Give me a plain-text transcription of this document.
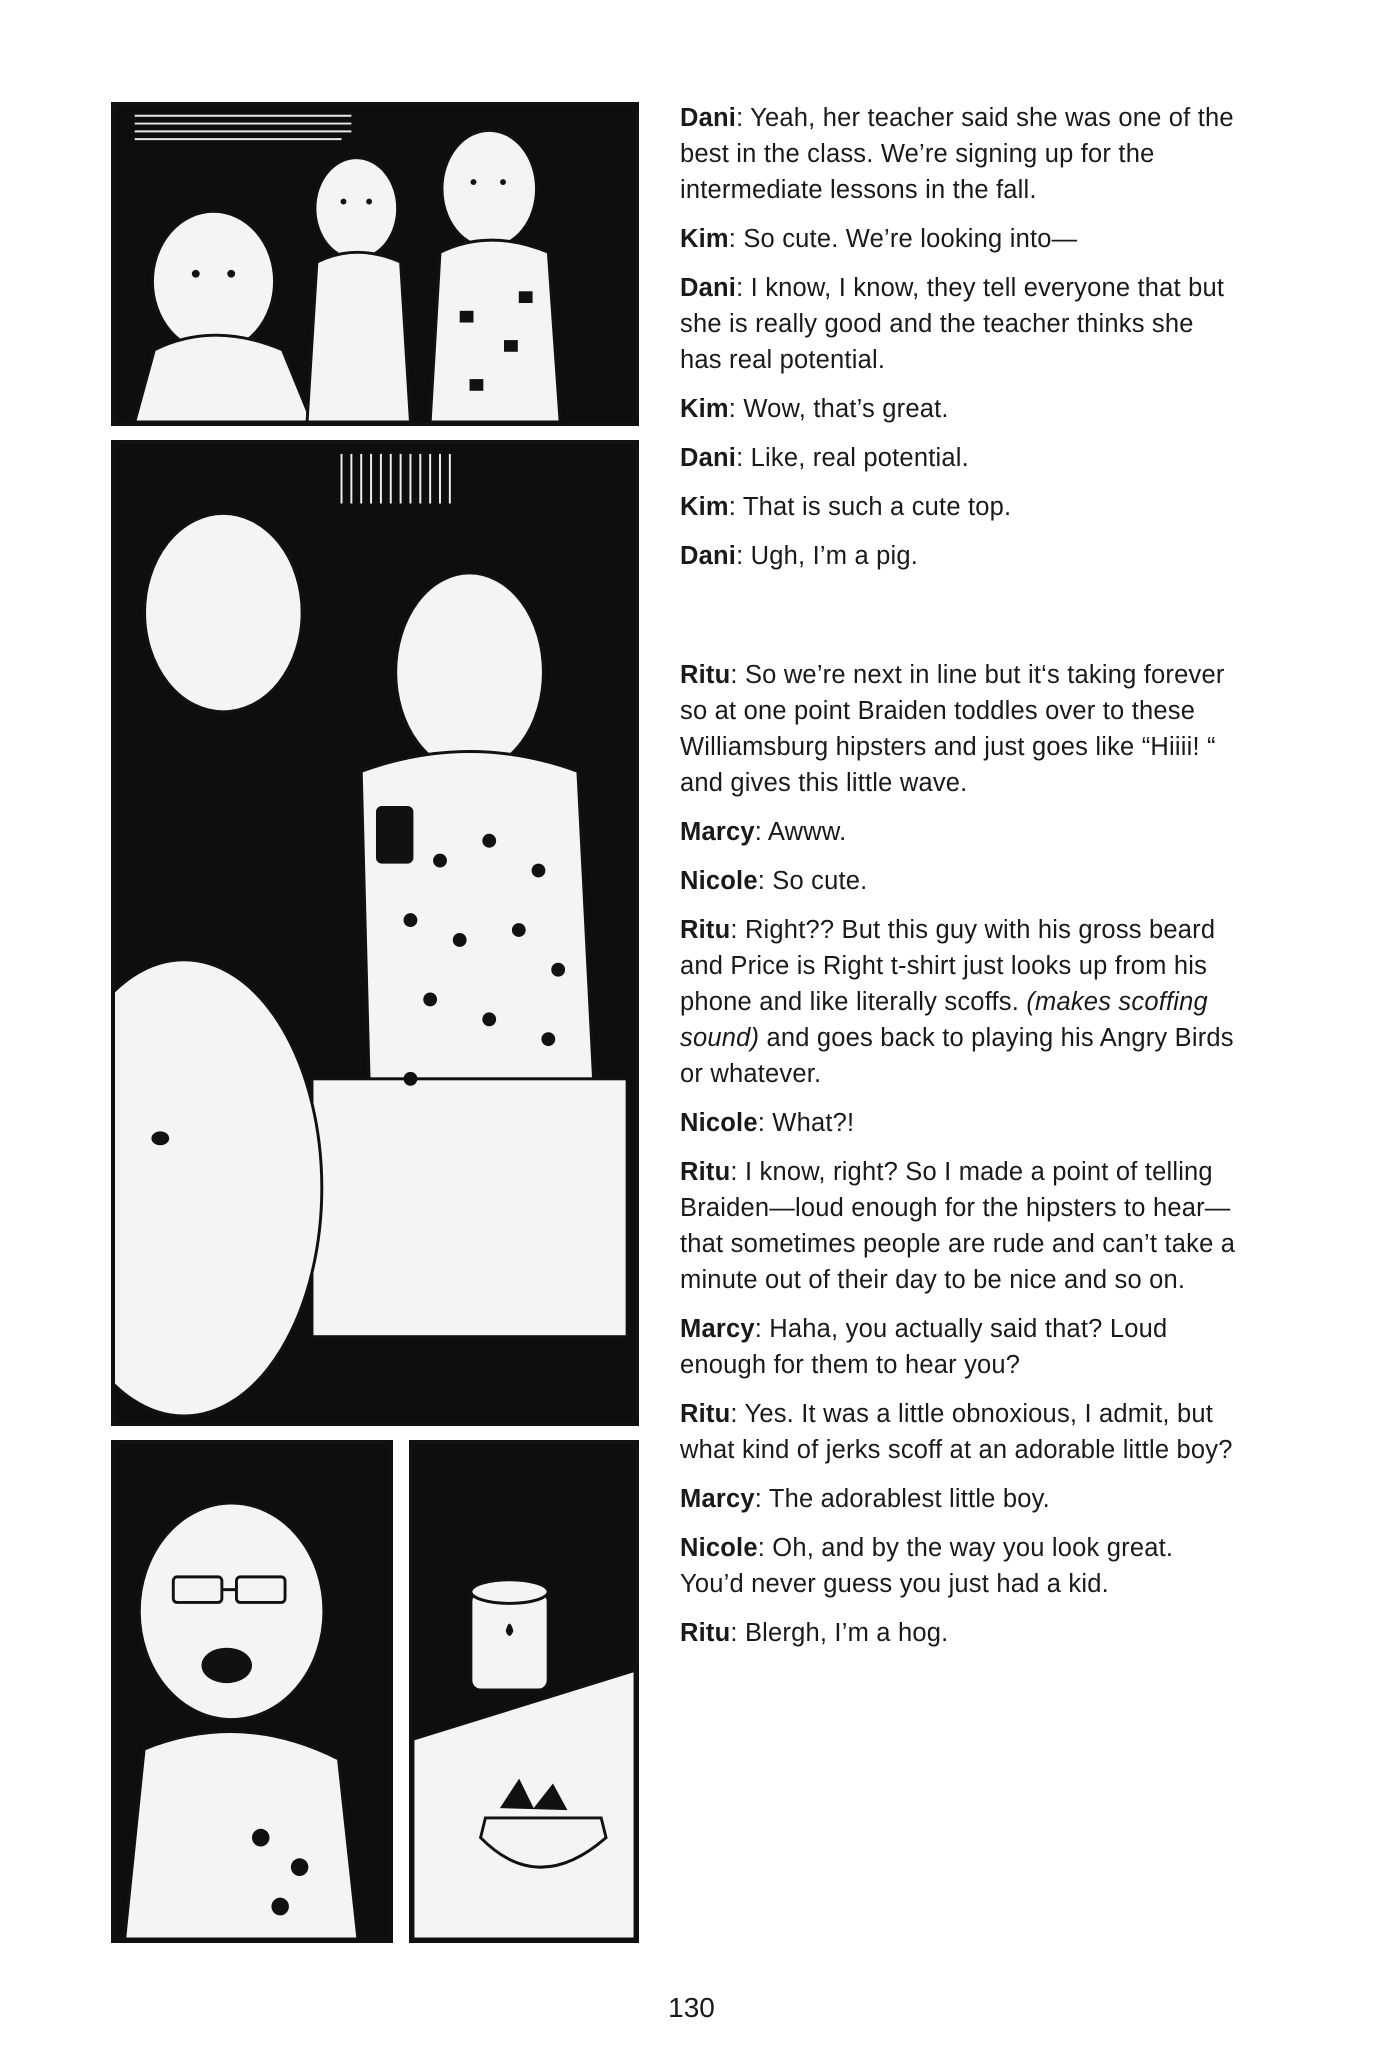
Dani: Yeah, her teacher said she was one of the best in the class. We’re signing up for the intermediate lessons in the fall.

Kim: So cute. We’re looking into—

Dani: I know, I know, they tell everyone that but she is really good and the teacher thinks she has real potential.

Kim: Wow, that’s great.

Dani: Like, real potential.

Kim: That is such a cute top.

Dani: Ugh, I’m a pig.

Ritu: So we’re next in line but it‘s taking forever so at one point Braiden toddles over to these Williamsburg hipsters and just goes like “Hiiii! “ and gives this little wave.

Marcy: Awww.

Nicole: So cute.

Ritu: Right?? But this guy with his gross beard and Price is Right t-shirt just looks up from his phone and like literally scoffs. (makes scoffing sound) and goes back to playing his Angry Birds or whatever.

Nicole: What?!

Ritu: I know, right? So I made a point of telling Braiden—loud enough for the hipsters to hear—that sometimes people are rude and can’t take a minute out of their day to be nice and so on.

Marcy: Haha, you actually said that? Loud enough for them to hear you?

Ritu: Yes. It was a little obnoxious, I admit, but what kind of jerks scoff at an adorable little boy?

Marcy: The adorablest little boy.

Nicole: Oh, and by the way you look great. You’d never guess you just had a kid.

Ritu: Blergh, I’m a hog.

130
